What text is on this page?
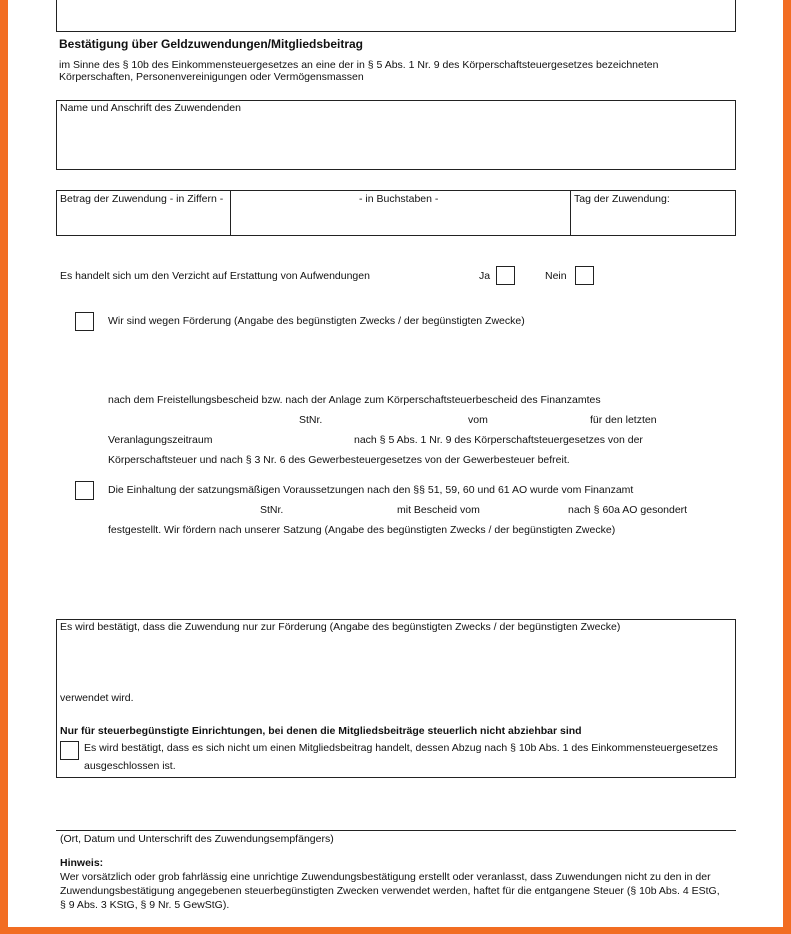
Bestätigung über Geldzuwendungen/Mitgliedsbeitrag
im Sinne des § 10b des Einkommensteuergesetzes an eine der in § 5 Abs. 1 Nr. 9 des Körperschaftsteuergesetzes bezeichneten
Körperschaften, Personenvereinigungen oder Vermögensmassen
Name und Anschrift des Zuwendenden
Betrag der Zuwendung - in Ziffern -	- in Buchstaben -	Tag der Zuwendung:
Es handelt sich um den Verzicht auf Erstattung von Aufwendungen	Ja	Nein
Wir sind wegen Förderung (Angabe des begünstigten Zwecks / der begünstigten Zwecke)
nach dem Freistellungsbescheid bzw. nach der Anlage zum Körperschaftsteuerbescheid des Finanzamtes
StNr.	vom	für den letzten
Veranlagungszeitraum	nach § 5 Abs. 1 Nr. 9 des Körperschaftsteuergesetzes von der
Körperschaftsteuer und nach § 3 Nr. 6 des Gewerbesteuergesetzes von der Gewerbesteuer befreit.
Die Einhaltung der satzungsmäßigen Voraussetzungen nach den §§ 51, 59, 60 und 61 AO wurde vom Finanzamt
StNr.	mit Bescheid vom	nach § 60a AO gesondert
festgestellt. Wir fördern nach unserer Satzung (Angabe des begünstigten Zwecks / der begünstigten Zwecke)
Es wird bestätigt, dass die Zuwendung nur zur Förderung (Angabe des begünstigten Zwecks / der begünstigten Zwecke)
verwendet wird.
Nur für steuerbegünstigte Einrichtungen, bei denen die Mitgliedsbeiträge steuerlich nicht abziehbar sind
Es wird bestätigt, dass es sich nicht um einen Mitgliedsbeitrag handelt, dessen Abzug nach § 10b Abs. 1 des Einkommensteuergesetzes
ausgeschlossen ist.
(Ort, Datum und Unterschrift des Zuwendungsempfängers)
Hinweis:
Wer vorsätzlich oder grob fahrlässig eine unrichtige Zuwendungsbestätigung erstellt oder veranlasst, dass Zuwendungen nicht zu den in der
Zuwendungsbestätigung angegebenen steuerbegünstigten Zwecken verwendet werden, haftet für die entgangene Steuer (§ 10b Abs. 4 EStG,
§ 9 Abs. 3 KStG, § 9 Nr. 5 GewStG).
